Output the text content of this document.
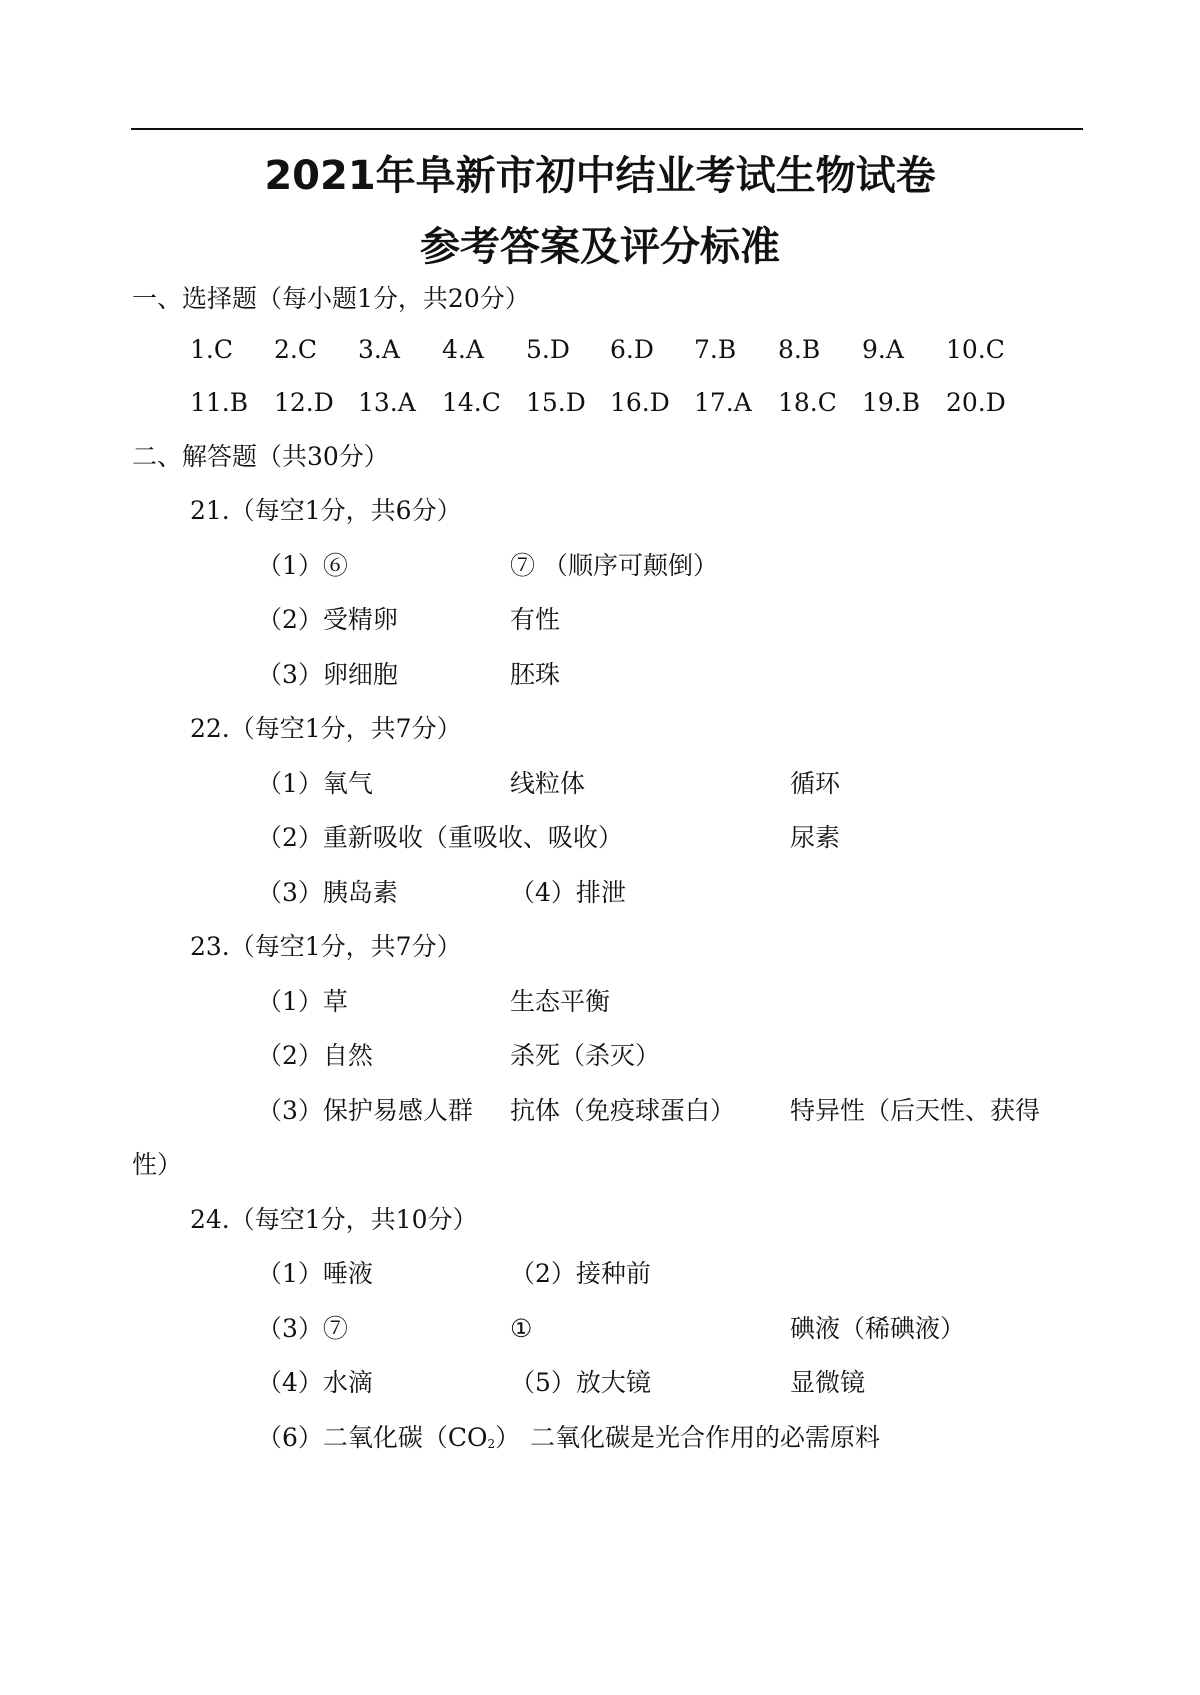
2021年阜新市初中结业考试生物试卷
参考答案及评分标准
一、选择题（每小题1分，共20分）
1.C 2.C 3.A 4.A 5.D 6.D 7.B 8.B 9.A 10.C
11.B 12.D 13.A 14.C 15.D 16.D 17.A 18.C 19.B 20.D
二、解答题（共30分）
21.（每空1分，共6分）
（1）⑥	⑦ （顺序可颠倒）
（2）受精卵	有性
（3）卵细胞	胚珠
22.（每空1分，共7分）
（1）氧气	线粒体	循环
（2）重新吸收（重吸收、吸收）	尿素
（3）胰岛素	（4）排泄
23.（每空1分，共7分）
（1）草	生态平衡
（2）自然	杀死（杀灭）
（3）保护易感人群 抗体（免疫球蛋白） 特异性（后天性、获得
性）
24.（每空1分，共10分）
（1）唾液	（2）接种前
（3）⑦	①	碘液（稀碘液）
（4）水滴	（5）放大镜	显微镜
（6）二氧化碳$(CO_2)$ 二氧化碳是光合作用的必需原料
